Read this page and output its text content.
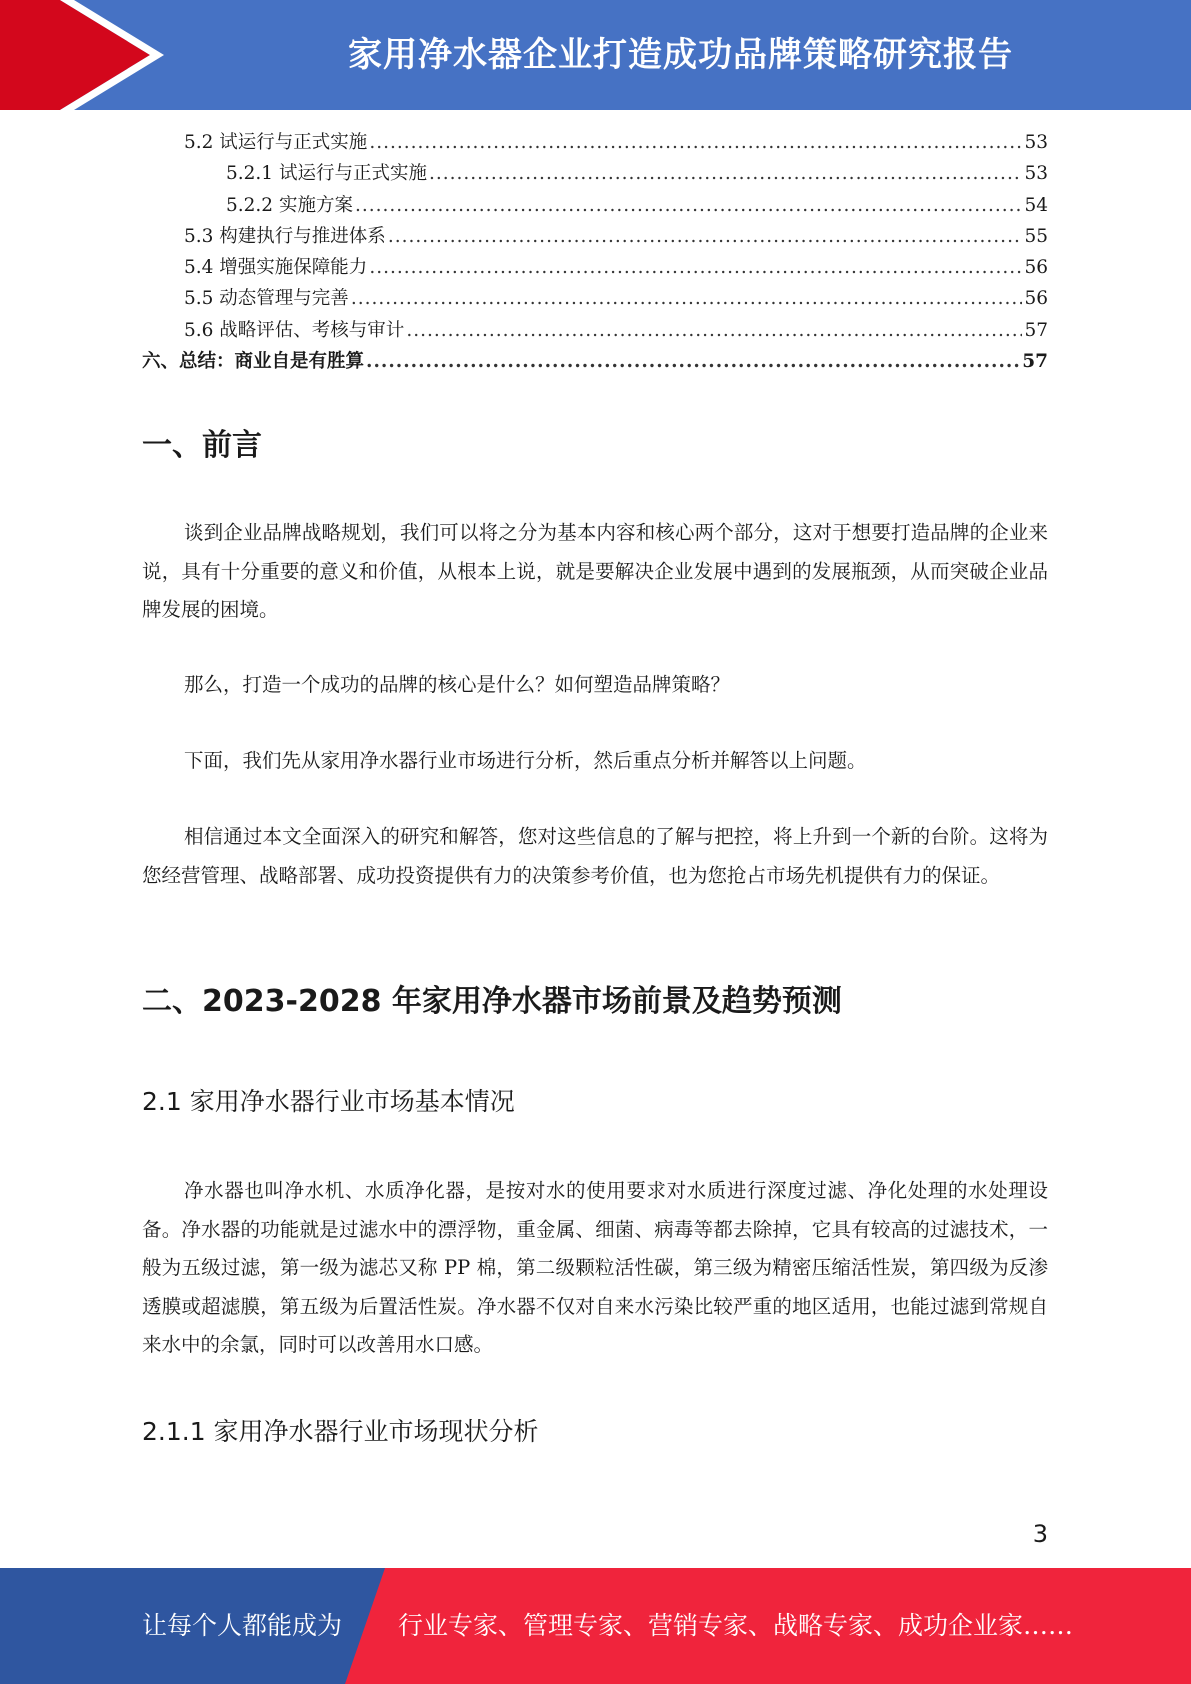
家用净水器企业打造成功品牌策略研究报告
5.2 试运行与正式实施 .....	53
5.2.1 试运行与正式实施 .....	53
5.2.2 实施方案 .....	54
5.3 构建执行与推进体系 .....	55
5.4 增强实施保障能力 .....	56
5.5 动态管理与完善 .....	56
5.6 战略评估、考核与审计 .....	57
六、总结：商业自是有胜算 .....	57
一、前言

谈到企业品牌战略规划，我们可以将之分为基本内容和核心两个部分，这对于想要打造品牌的企业来说，具有十分重要的意义和价值，从根本上说，就是要解决企业发展中遇到的发展瓶颈，从而突破企业品牌发展的困境。

那么，打造一个成功的品牌的核心是什么？如何塑造品牌策略？

下面，我们先从家用净水器行业市场进行分析，然后重点分析并解答以上问题。

相信通过本文全面深入的研究和解答，您对这些信息的了解与把控，将上升到一个新的台阶。这将为您经营管理、战略部署、成功投资提供有力的决策参考价值，也为您抢占市场先机提供有力的保证。

二、2023-2028 年家用净水器市场前景及趋势预测
2.1 家用净水器行业市场基本情况

净水器也叫净水机、水质净化器，是按对水的使用要求对水质进行深度过滤、净化处理的水处理设备。净水器的功能就是过滤水中的漂浮物，重金属、细菌、病毒等都去除掉，它具有较高的过滤技术，一般为五级过滤，第一级为滤芯又称 PP 棉，第二级颗粒活性碳，第三级为精密压缩活性炭，第四级为反渗透膜或超滤膜，第五级为后置活性炭。净水器不仅对自来水污染比较严重的地区适用，也能过滤到常规自来水中的余氯，同时可以改善用水口感。

2.1.1 家用净水器行业市场现状分析
3
让每个人都能成为 行业专家、管理专家、营销专家、战略专家、成功企业家……
